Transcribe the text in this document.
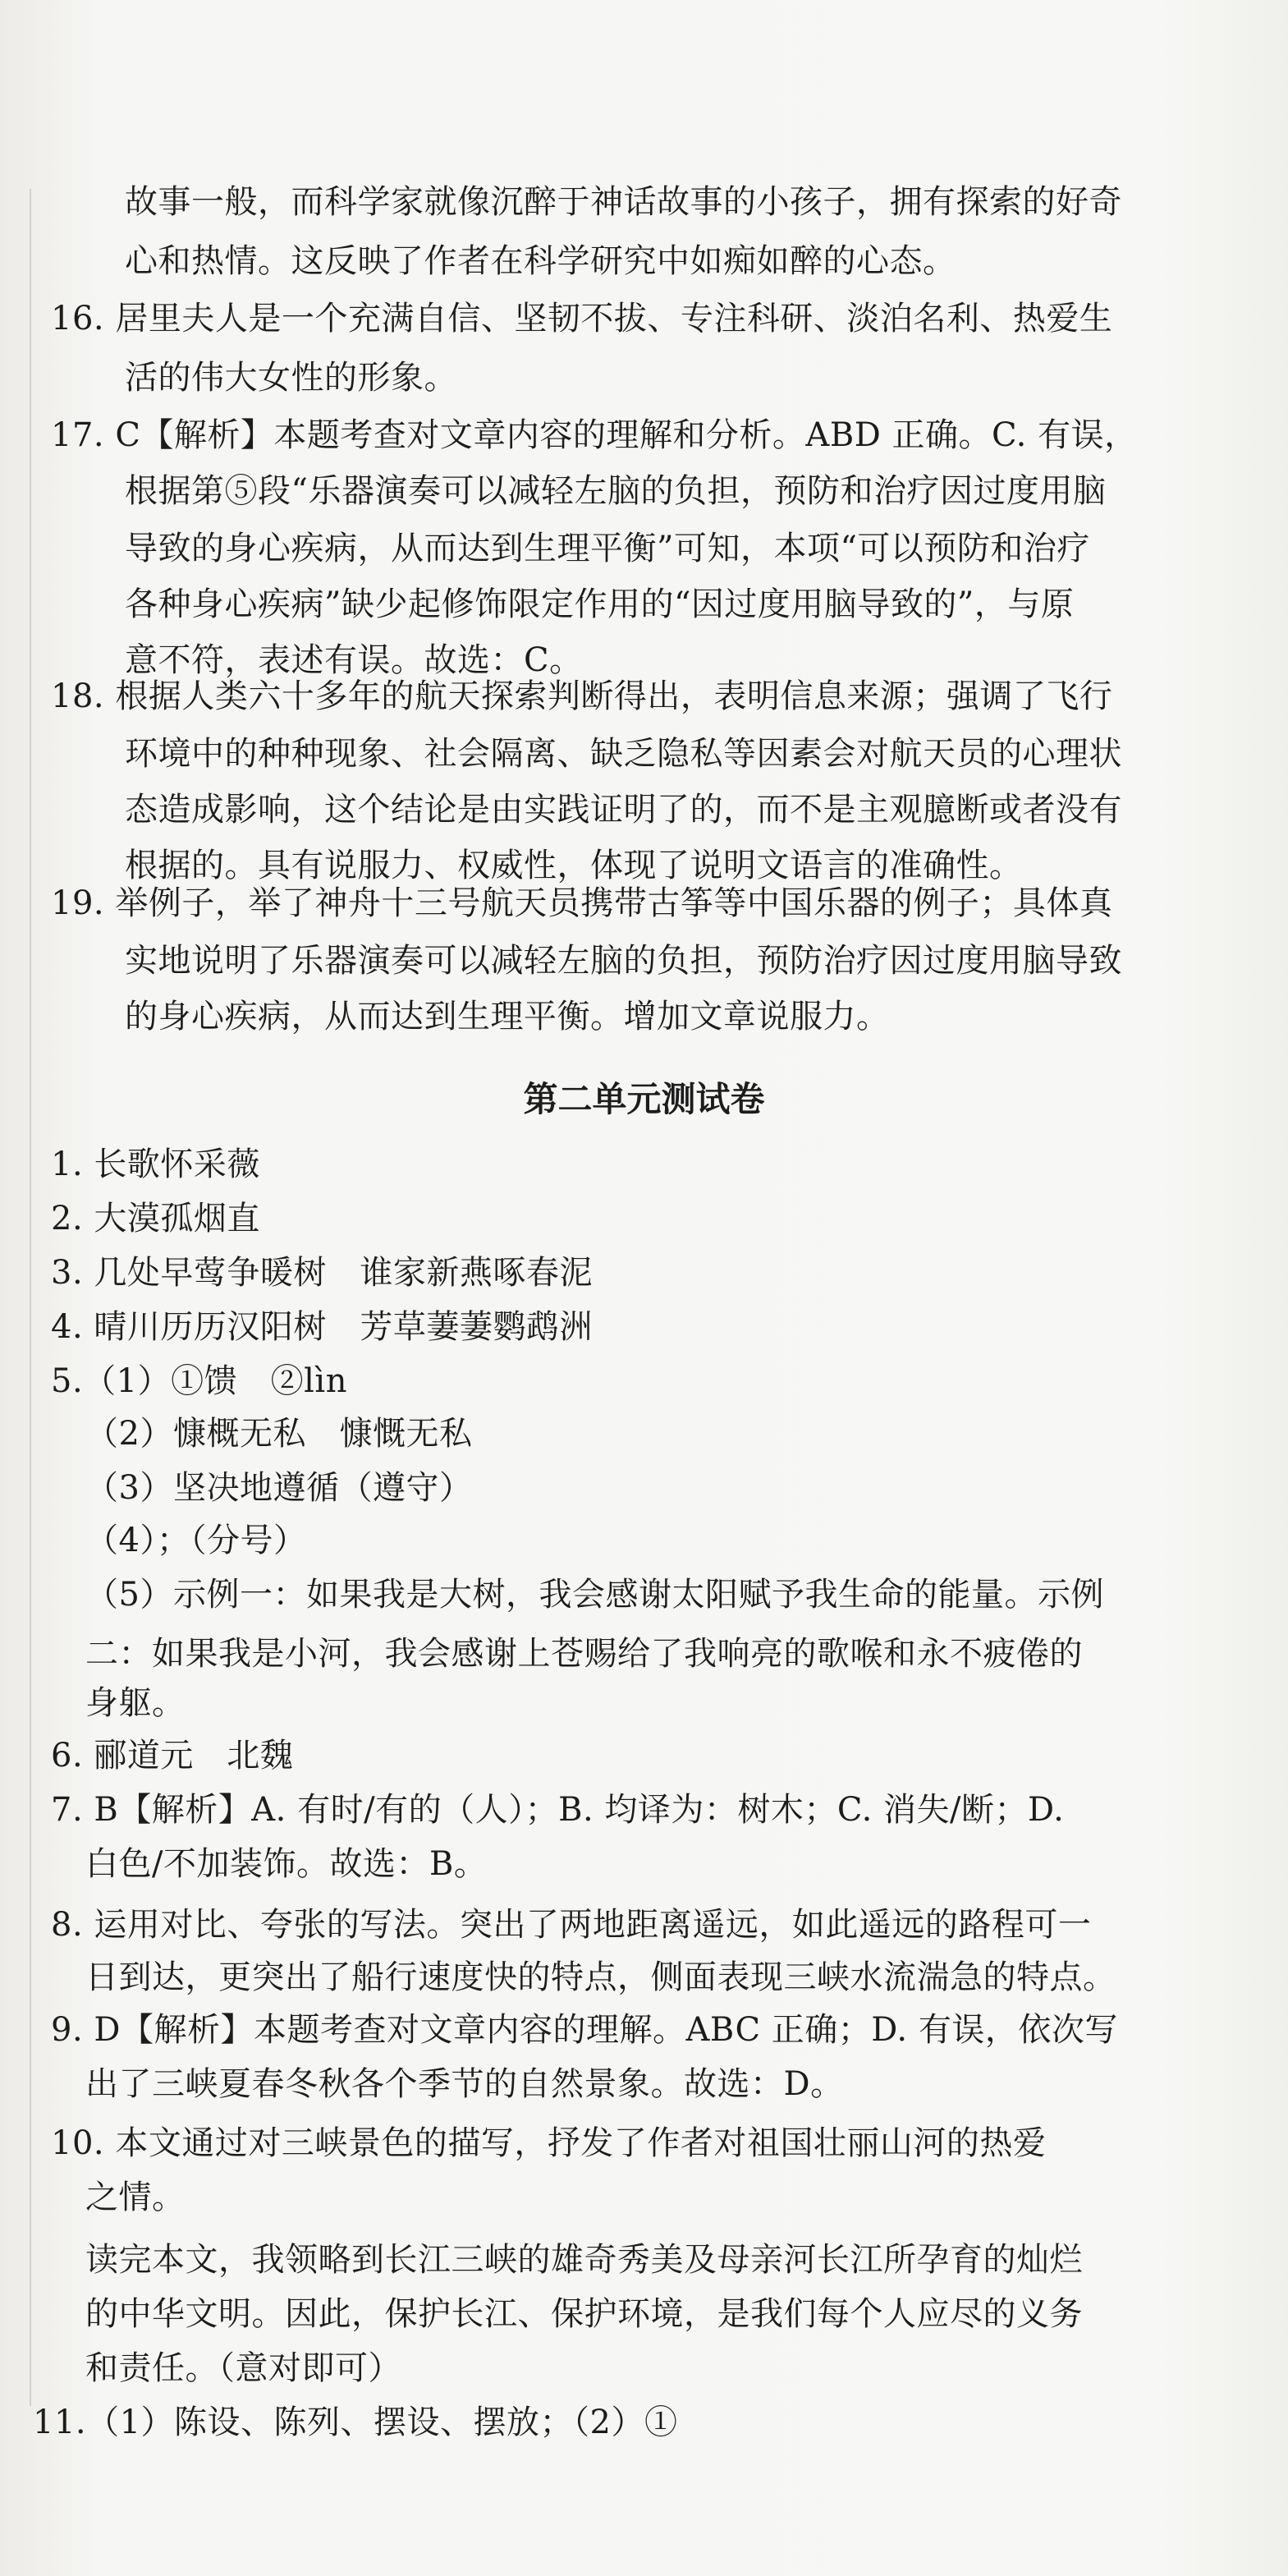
故事一般，而科学家就像沉醉于神话故事的小孩子，拥有探索的好奇
心和热情。这反映了作者在科学研究中如痴如醉的心态。
16. 居里夫人是一个充满自信、坚韧不拔、专注科研、淡泊名利、热爱生
活的伟大女性的形象。
17. C【解析】本题考查对文章内容的理解和分析。ABD 正确。C. 有误，
根据第⑤段“乐器演奏可以减轻左脑的负担，预防和治疗因过度用脑
导致的身心疾病，从而达到生理平衡”可知，本项“可以预防和治疗
各种身心疾病”缺少起修饰限定作用的“因过度用脑导致的”，与原
意不符，表述有误。故选：C。
18. 根据人类六十多年的航天探索判断得出，表明信息来源；强调了飞行
环境中的种种现象、社会隔离、缺乏隐私等因素会对航天员的心理状
态造成影响，这个结论是由实践证明了的，而不是主观臆断或者没有
根据的。具有说服力、权威性，体现了说明文语言的准确性。
19. 举例子，举了神舟十三号航天员携带古筝等中国乐器的例子；具体真
实地说明了乐器演奏可以减轻左脑的负担，预防治疗因过度用脑导致
的身心疾病，从而达到生理平衡。增加文章说服力。
第二单元测试卷
1. 长歌怀采薇
2. 大漠孤烟直
3. 几处早莺争暖树　谁家新燕啄春泥
4. 晴川历历汉阳树　芳草萋萋鹦鹉洲
5.（1）①馈　②lìn
（2）慷概无私　慷慨无私
（3）坚决地遵循（遵守）
（4）；（分号）
（5）示例一：如果我是大树，我会感谢太阳赋予我生命的能量。示例
二：如果我是小河，我会感谢上苍赐给了我响亮的歌喉和永不疲倦的
身躯。
6. 郦道元　北魏
7. B【解析】A. 有时/有的（人）；B. 均译为：树木；C. 消失/断；D.
白色/不加装饰。故选：B。
8. 运用对比、夸张的写法。突出了两地距离遥远，如此遥远的路程可一
日到达，更突出了船行速度快的特点，侧面表现三峡水流湍急的特点。
9. D【解析】本题考查对文章内容的理解。ABC 正确；D. 有误，依次写
出了三峡夏春冬秋各个季节的自然景象。故选：D。
10. 本文通过对三峡景色的描写，抒发了作者对祖国壮丽山河的热爱
之情。
读完本文，我领略到长江三峡的雄奇秀美及母亲河长江所孕育的灿烂
的中华文明。因此，保护长江、保护环境，是我们每个人应尽的义务
和责任。（意对即可）
11.（1）陈设、陈列、摆设、摆放；（2）①
